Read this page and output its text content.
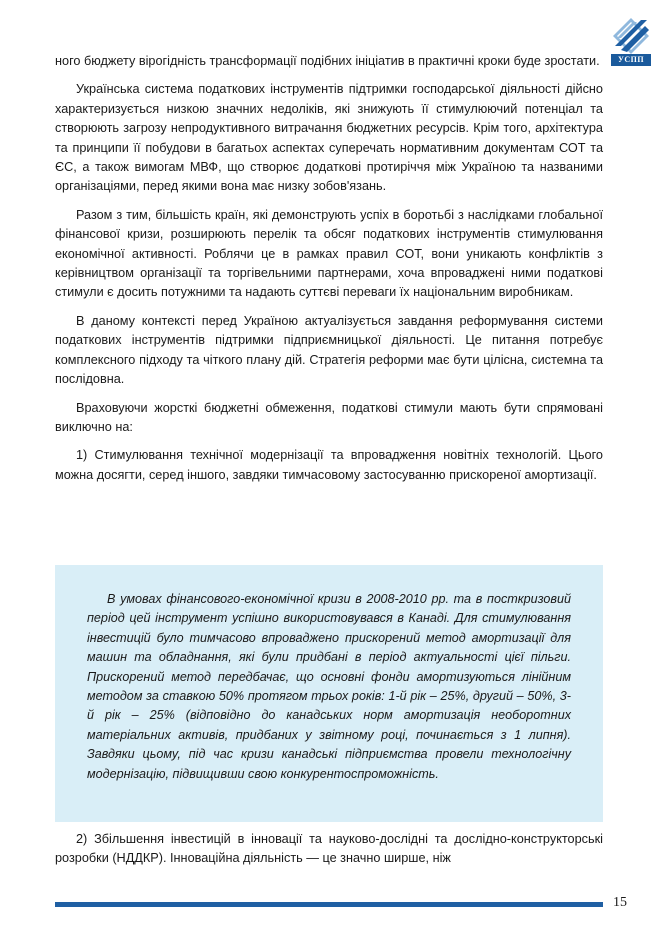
УСПП

ного бюджету вірогідність трансформації подібних ініціатив в практичні кроки буде зростати.

Українська система податкових інструментів підтримки господарської діяльності дійсно характеризується низкою значних недоліків, які знижують її стимулюючий потенціал та створюють загрозу непродуктивного витрачання бюджетних ресурсів. Крім того, архітектура та принципи її побудови в багатьох аспектах суперечать нормативним документам СОТ та ЄС, а також вимогам МВФ, що створює додаткові протиріччя між Україною та названими організаціями, перед якими вона має низку зобов'язань.

Разом з тим, більшість країн, які демонструють успіх в боротьбі з наслідками глобальної фінансової кризи, розширюють перелік та обсяг податкових інструментів стимулювання економічної активності. Роблячи це в рамках правил СОТ, вони уникають конфліктів з керівництвом організації та торгівельними партнерами, хоча впроваджені ними податкові стимули є досить потужними та надають суттєві переваги їх національним виробникам.

В даному контексті перед Україною актуалізується завдання реформування системи податкових інструментів підтримки підприємницької діяльності. Це питання потребує комплексного підходу та чіткого плану дій. Стратегія реформи має бути цілісна, системна та послідовна.

Враховуючи жорсткі бюджетні обмеження, податкові стимули мають бути спрямовані виключно на:

1) Стимулювання технічної модернізації та впровадження новітніх технологій. Цього можна досягти, серед іншого, завдяки тимчасовому застосуванню прискореної амортизації.

В умовах фінансового-економічної кризи в 2008-2010 рр. та в посткризовий період цей інструмент успішно використовувався в Канаді. Для стимулювання інвестицій було тимчасово впроваджено прискорений метод амортизації для машин та обладнання, які були придбані в період актуальності цієї пільги. Прискорений метод передбачає, що основні фонди амортизуються лінійним методом за ставкою 50% протягом трьох років: 1-й рік – 25%, другий – 50%, 3-й рік – 25% (відповідно до канадських норм амортизація необоротних матеріальних активів, придбаних у звітному році, починається з 1 липня). Завдяки цьому, під час кризи канадські підприємства провели технологічну модернізацію, підвищивши свою конкурентоспроможність.

2) Збільшення інвестицій в інновації та науково-дослідні та дослідно-конструкторські розробки (НДДКР). Інноваційна діяльність — це значно ширше, ніж

15
